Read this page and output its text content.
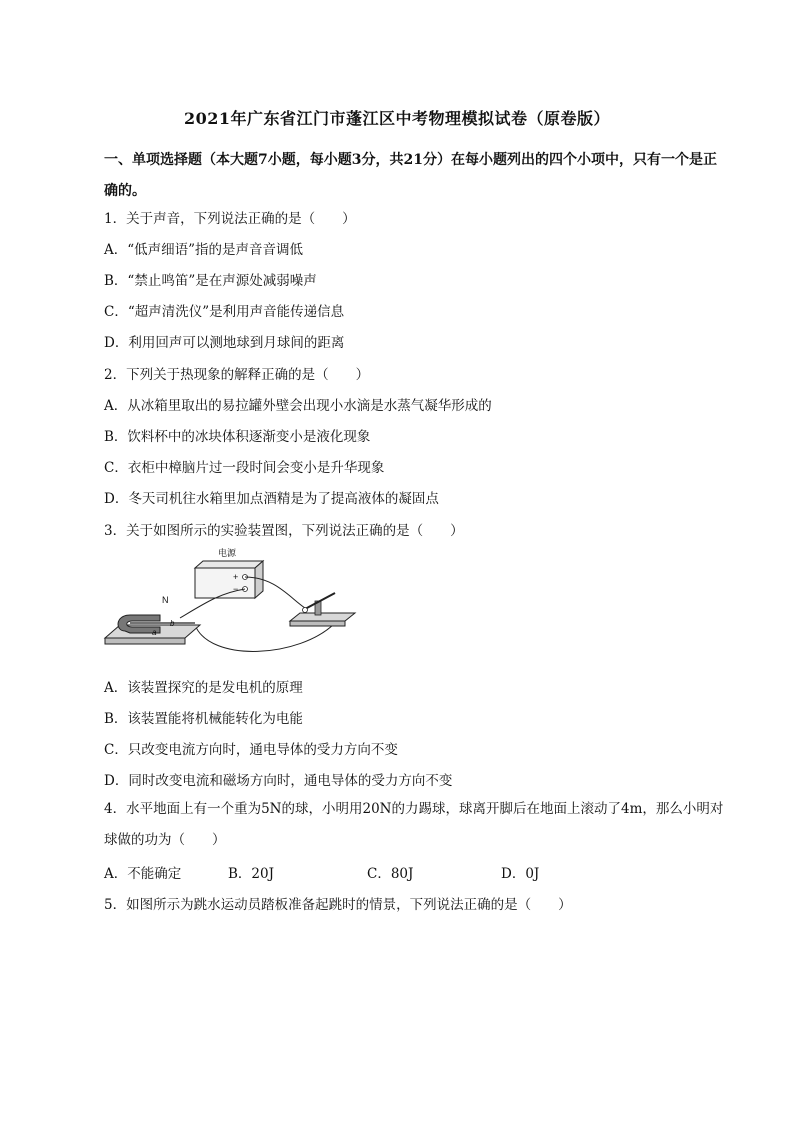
2021年广东省江门市蓬江区中考物理模拟试卷（原卷版）
一、单项选择题（本大题7小题，每小题3分，共21分）在每小题列出的四个小项中，只有一个是正确的。
1．关于声音，下列说法正确的是（　　）
A．“低声细语”指的是声音音调低
B．“禁止鸣笛”是在声源处减弱噪声
C．“超声清洗仪”是利用声音能传递信息
D．利用回声可以测地球到月球间的距离
2．下列关于热现象的解释正确的是（　　）
A．从冰箱里取出的易拉罐外壁会出现小水滴是水蒸气凝华形成的
B．饮料杯中的冰块体积逐渐变小是液化现象
C．衣柜中樟脑片过一段时间会变小是升华现象
D．冬天司机往水箱里加点酒精是为了提高液体的凝固点
3．关于如图所示的实验装置图，下列说法正确的是（　　）
电源
+
−
N
b
a
A．该装置探究的是发电机的原理
B．该装置能将机械能转化为电能
C．只改变电流方向时，通电导体的受力方向不变
D．同时改变电流和磁场方向时，通电导体的受力方向不变
4．水平地面上有一个重为5N的球，小明用20N的力踢球，球离开脚后在地面上滚动了4m，那么小明对球做的功为（　　）
A．不能确定	B．20J	C．80J	D．0J
5．如图所示为跳水运动员踏板准备起跳时的情景，下列说法正确的是（　　）
